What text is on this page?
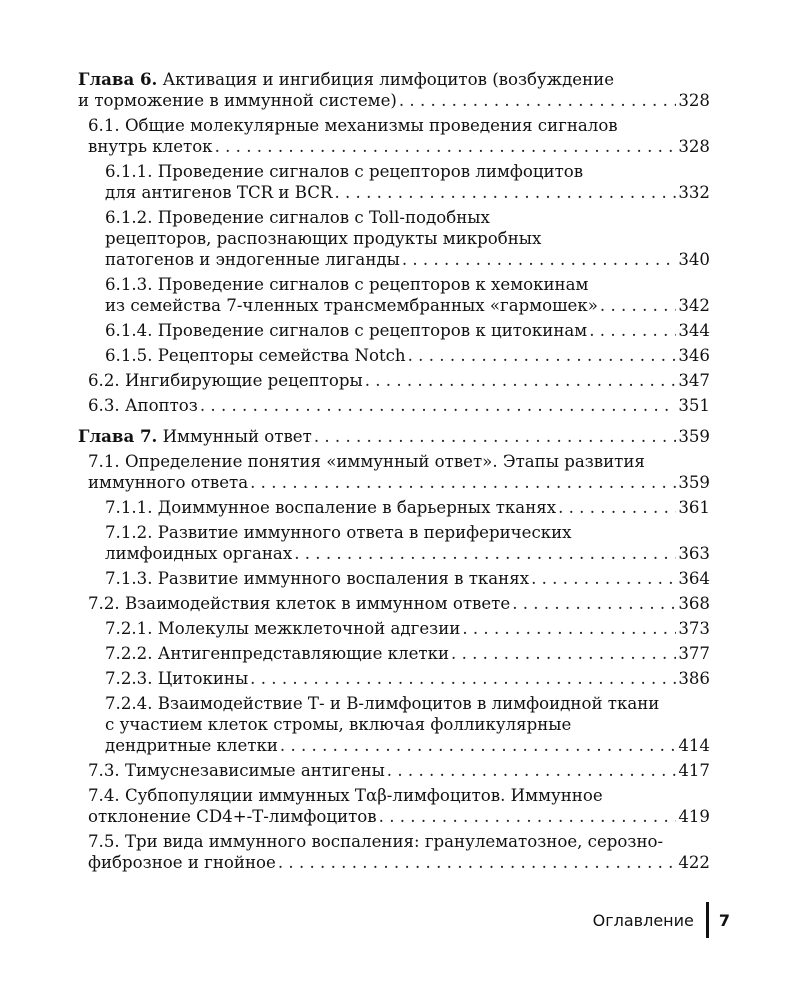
Глава 6. Активация и ингибиция лимфоцитов (возбуждение
и торможение в иммунной системе) . . .	328
6.1. Общие молекулярные механизмы проведения сигналов
внутрь клеток . . .	328
6.1.1. Проведение сигналов с рецепторов лимфоцитов
для антигенов TCR и BCR . . .	332
6.1.2. Проведение сигналов с Toll-подобных
рецепторов, распознающих продукты микробных
патогенов и эндогенные лиганды . . .	340
6.1.3. Проведение сигналов с рецепторов к хемокинам
из семейства 7-членных трансмембранных «гармошек» . . .	342
6.1.4. Проведение сигналов с рецепторов к цитокинам . . .	344
6.1.5. Рецепторы семейства Notch . . .	346
6.2. Ингибирующие рецепторы . . .	347
6.3. Апоптоз . . .	351
Глава 7. Иммунный ответ . . .	359
7.1. Определение понятия «иммунный ответ». Этапы развития
иммунного ответа . . .	359
7.1.1. Доиммунное воспаление в барьерных тканях . . .	361
7.1.2. Развитие иммунного ответа в периферических
лимфоидных органах . . .	363
7.1.3. Развитие иммунного воспаления в тканях . . .	364
7.2. Взаимодействия клеток в иммунном ответе . . .	368
7.2.1. Молекулы межклеточной адгезии . . .	373
7.2.2. Антигенпредставляющие клетки . . .	377
7.2.3. Цитокины . . .	386
7.2.4. Взаимодействие Т- и В-лимфоцитов в лимфоидной ткани
с участием клеток стромы, включая фолликулярные
дендритные клетки . . .	414
7.3. Тимуснезависимые антигены . . .	417
7.4. Субпопуляции иммунных Тαβ-лимфоцитов. Иммунное
отклонение CD4+-Т-лимфоцитов . . .	419
7.5. Три вида иммунного воспаления: гранулематозное, серозно-
фиброзное и гнойное . . .	422
Оглавление 7
